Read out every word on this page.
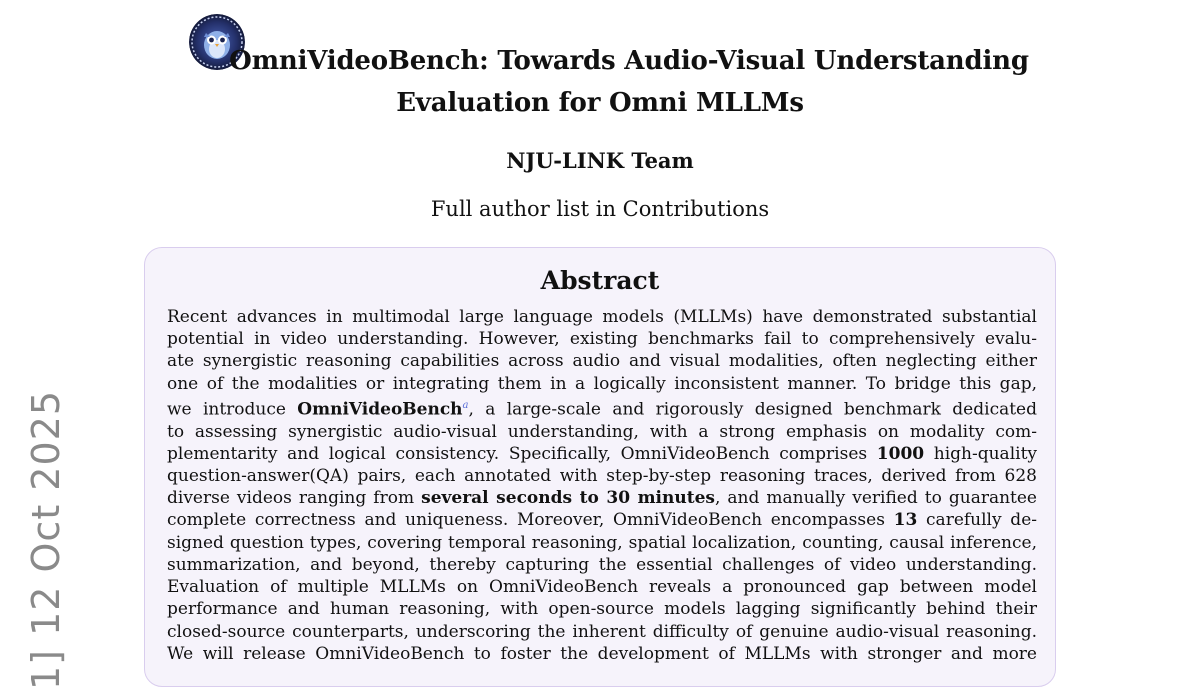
OmniVideoBench: Towards Audio-Visual Understanding
Evaluation for Omni MLLMs
NJU-LINK Team
Full author list in Contributions
Abstract
Recent advances in multimodal large language models (MLLMs) have demonstrated substantial
potential in video understanding. However, existing benchmarks fail to comprehensively evalu-
ate synergistic reasoning capabilities across audio and visual modalities, often neglecting either
one of the modalities or integrating them in a logically inconsistent manner. To bridge this gap,
we introduce OmniVideoBench$^a$, a large-scale and rigorously designed benchmark dedicated
to assessing synergistic audio-visual understanding, with a strong emphasis on modality com-
plementarity and logical consistency. Specifically, OmniVideoBench comprises 1000 high-quality
question-answer(QA) pairs, each annotated with step-by-step reasoning traces, derived from 628
diverse videos ranging from several seconds to 30 minutes, and manually verified to guarantee
complete correctness and uniqueness. Moreover, OmniVideoBench encompasses 13 carefully de-
signed question types, covering temporal reasoning, spatial localization, counting, causal inference,
summarization, and beyond, thereby capturing the essential challenges of video understanding.
Evaluation of multiple MLLMs on OmniVideoBench reveals a pronounced gap between model
performance and human reasoning, with open-source models lagging significantly behind their
closed-source counterparts, underscoring the inherent difficulty of genuine audio-visual reasoning.
We will release OmniVideoBench to foster the development of MLLMs with stronger and more
1] 12 Oct 2025
